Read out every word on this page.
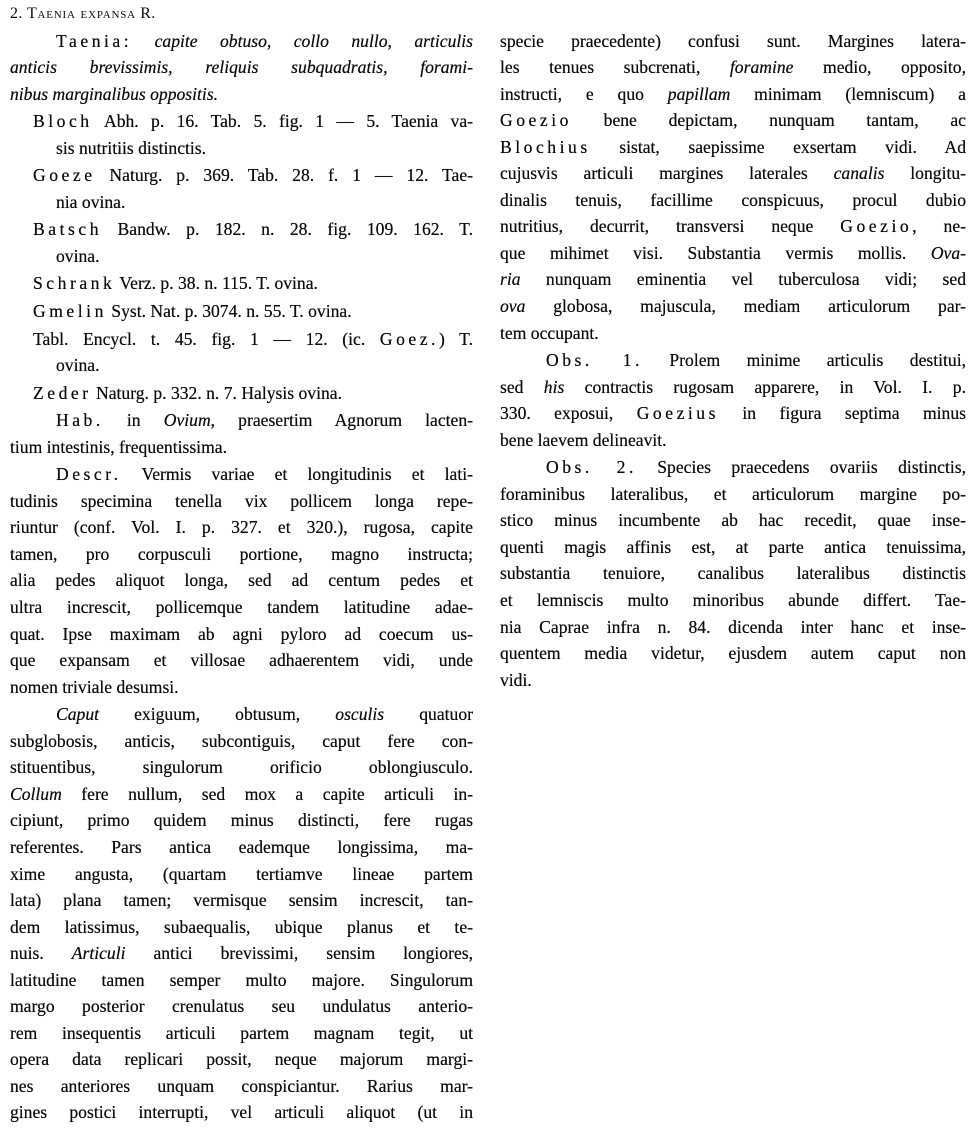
2. Taenia expansa R.
Taenia: capite obtuso, collo nullo, articulis
anticis brevissimis, reliquis subquadratis, forami-
nibus marginalibus oppositis.
Bloch Abh. p. 16. Tab. 5. fig. 1 — 5. Taenia va-
sis nutritiis distinctis.
Goeze Naturg. p. 369. Tab. 28. f. 1 — 12. Tae-
nia ovina.
Batsch Bandw. p. 182. n. 28. fig. 109. 162. T.
ovina.
Schrank Verz. p. 38. n. 115. T. ovina.
Gmelin Syst. Nat. p. 3074. n. 55. T. ovina.
Tabl. Encycl. t. 45. fig. 1 — 12. (ic. Goez.) T.
ovina.
Zeder Naturg. p. 332. n. 7. Halysis ovina.
Hab. in Ovium, praesertim Agnorum lacten-
tium intestinis, frequentissima.
Descr. Vermis variae et longitudinis et lati-
tudinis specimina tenella vix pollicem longa repe-
riuntur (conf. Vol. I. p. 327. et 320.), rugosa, capite
tamen, pro corpusculi portione, magno instructa;
alia pedes aliquot longa, sed ad centum pedes et
ultra increscit, pollicemque tandem latitudine adae-
quat. Ipse maximam ab agni pyloro ad coecum us-
que expansam et villosae adhaerentem vidi, unde
nomen triviale desumsi.
Caput exiguum, obtusum, osculis quatuor
subglobosis, anticis, subcontiguis, caput fere con-
stituentibus, singulorum orificio oblongiusculo.
Collum fere nullum, sed mox a capite articuli in-
cipiunt, primo quidem minus distincti, fere rugas
referentes. Pars antica eademque longissima, ma-
xime angusta, (quartam tertiamve lineae partem
lata) plana tamen; vermisque sensim increscit, tan-
dem latissimus, subaequalis, ubique planus et te-
nuis. Articuli antici brevissimi, sensim longiores,
latitudine tamen semper multo majore. Singulorum
margo posterior crenulatus seu undulatus anterio-
rem insequentis articuli partem magnam tegit, ut
opera data replicari possit, neque majorum margi-
nes anteriores unquam conspiciantur. Rarius mar-
gines postici interrupti, vel articuli aliquot (ut in
specie praecedente) confusi sunt. Margines latera-
les tenues subcrenati, foramine medio, opposito,
instructi, e quo papillam minimam (lemniscum) a
Goezio bene depictam, nunquam tantam, ac
Blochius sistat, saepissime exsertam vidi. Ad
cujusvis articuli margines laterales canalis longitu-
dinalis tenuis, facillime conspicuus, procul dubio
nutritius, decurrit, transversi neque Goezio, ne-
que mihimet visi. Substantia vermis mollis. Ova-
ria nunquam eminentia vel tuberculosa vidi; sed
ova globosa, majuscula, mediam articulorum par-
tem occupant.
Obs. 1. Prolem minime articulis destitui,
sed his contractis rugosam apparere, in Vol. I. p.
330. exposui, Goezius in figura septima minus
bene laevem delineavit.
Obs. 2. Species praecedens ovariis distinctis,
foraminibus lateralibus, et articulorum margine po-
stico minus incumbente ab hac recedit, quae inse-
quenti magis affinis est, at parte antica tenuissima,
substantia tenuiore, canalibus lateralibus distinctis
et lemniscis multo minoribus abunde differt. Tae-
nia Caprae infra n. 84. dicenda inter hanc et inse-
quentem media videtur, ejusdem autem caput non
vidi.
